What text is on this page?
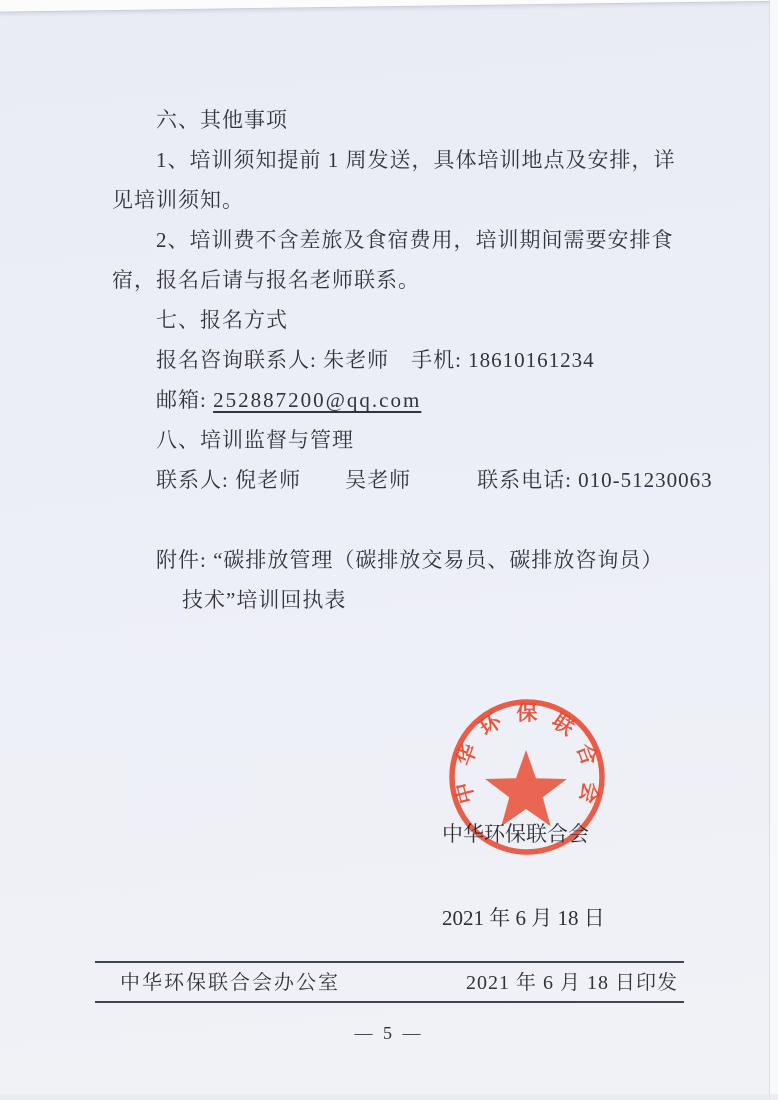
六、其他事项
1、培训须知提前 1 周发送，具体培训地点及安排，详
见培训须知。
2、培训费不含差旅及食宿费用，培训期间需要安排食
宿，报名后请与报名老师联系。
七、报名方式
报名咨询联系人: 朱老师　手机: 18610161234
邮箱: 252887200@qq.com
八、培训监督与管理
联系人: 倪老师　　吴老师　　　联系电话: 010-51230063
附件: “碳排放管理（碳排放交易员、碳排放咨询员）
技术”培训回执表
中华环保联合会

中华环保联合会

2021 年 6 月 18 日

中华环保联合会办公室	2021 年 6 月 18 日印发
— 5 —
